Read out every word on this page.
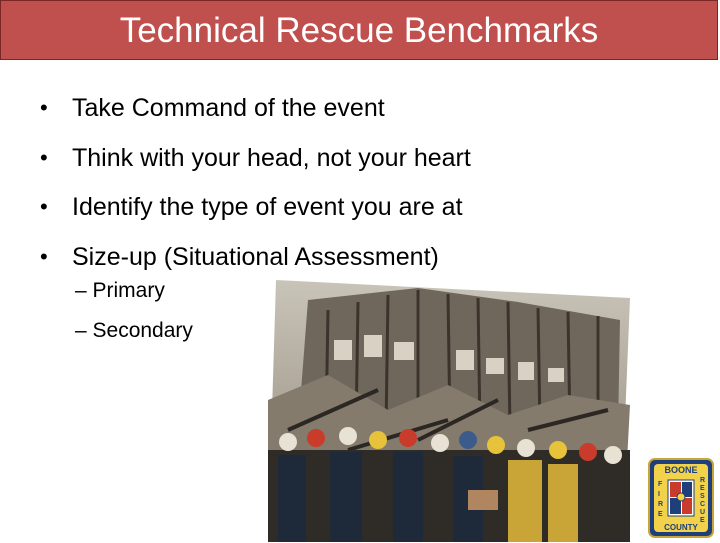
Technical Rescue Benchmarks
• Take Command of the event
• Think with your head, not your heart
• Identify the type of event you are at
• Size-up (Situational Assessment)
– Primary
– Secondary
BOONE
COUNTY
F
I
R
E
R
E
S
C
U
E
